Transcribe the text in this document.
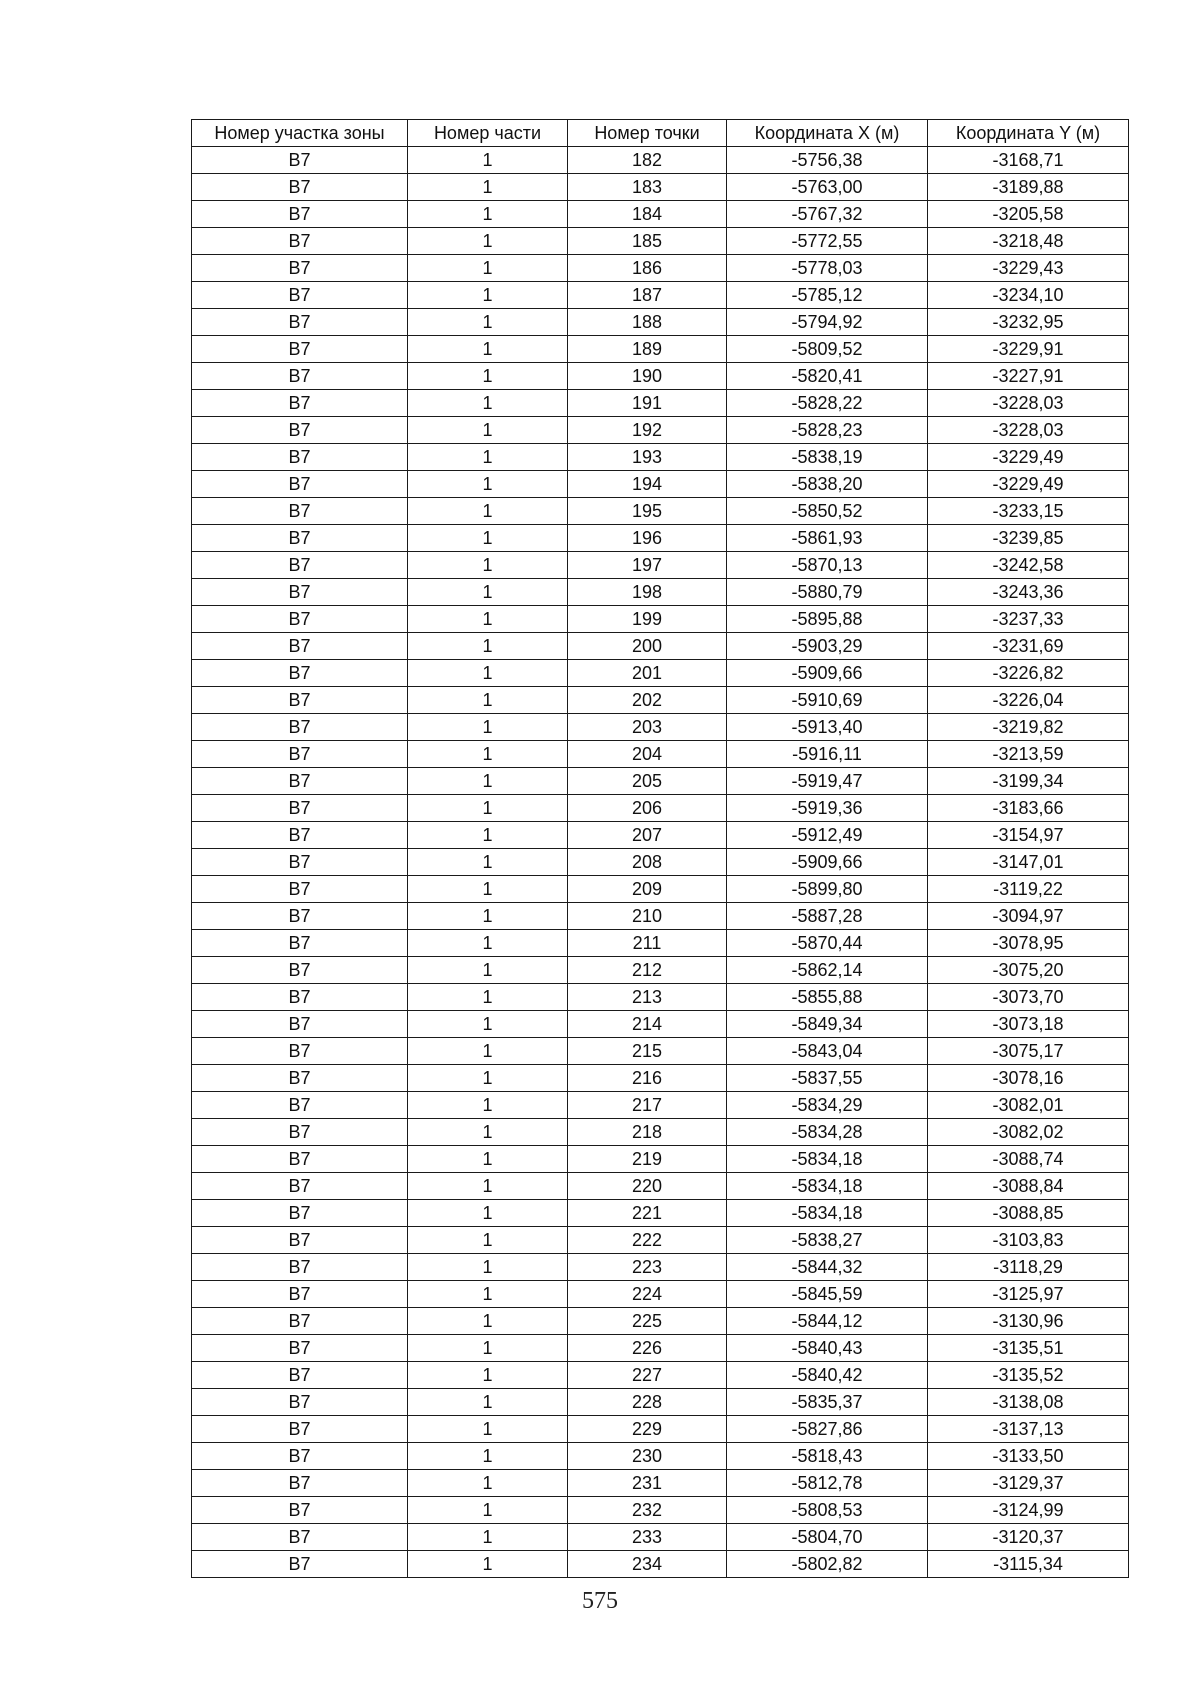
Номер участка зоны	Номер части	Номер точки	Координата X (м)	Координата Y (м)
В7	1	182	-5756,38	-3168,71
В7	1	183	-5763,00	-3189,88
В7	1	184	-5767,32	-3205,58
В7	1	185	-5772,55	-3218,48
В7	1	186	-5778,03	-3229,43
В7	1	187	-5785,12	-3234,10
В7	1	188	-5794,92	-3232,95
В7	1	189	-5809,52	-3229,91
В7	1	190	-5820,41	-3227,91
В7	1	191	-5828,22	-3228,03
В7	1	192	-5828,23	-3228,03
В7	1	193	-5838,19	-3229,49
В7	1	194	-5838,20	-3229,49
В7	1	195	-5850,52	-3233,15
В7	1	196	-5861,93	-3239,85
В7	1	197	-5870,13	-3242,58
В7	1	198	-5880,79	-3243,36
В7	1	199	-5895,88	-3237,33
В7	1	200	-5903,29	-3231,69
В7	1	201	-5909,66	-3226,82
В7	1	202	-5910,69	-3226,04
В7	1	203	-5913,40	-3219,82
В7	1	204	-5916,11	-3213,59
В7	1	205	-5919,47	-3199,34
В7	1	206	-5919,36	-3183,66
В7	1	207	-5912,49	-3154,97
В7	1	208	-5909,66	-3147,01
В7	1	209	-5899,80	-3119,22
В7	1	210	-5887,28	-3094,97
В7	1	211	-5870,44	-3078,95
В7	1	212	-5862,14	-3075,20
В7	1	213	-5855,88	-3073,70
В7	1	214	-5849,34	-3073,18
В7	1	215	-5843,04	-3075,17
В7	1	216	-5837,55	-3078,16
В7	1	217	-5834,29	-3082,01
В7	1	218	-5834,28	-3082,02
В7	1	219	-5834,18	-3088,74
В7	1	220	-5834,18	-3088,84
В7	1	221	-5834,18	-3088,85
В7	1	222	-5838,27	-3103,83
В7	1	223	-5844,32	-3118,29
В7	1	224	-5845,59	-3125,97
В7	1	225	-5844,12	-3130,96
В7	1	226	-5840,43	-3135,51
В7	1	227	-5840,42	-3135,52
В7	1	228	-5835,37	-3138,08
В7	1	229	-5827,86	-3137,13
В7	1	230	-5818,43	-3133,50
В7	1	231	-5812,78	-3129,37
В7	1	232	-5808,53	-3124,99
В7	1	233	-5804,70	-3120,37
В7	1	234	-5802,82	-3115,34
575
